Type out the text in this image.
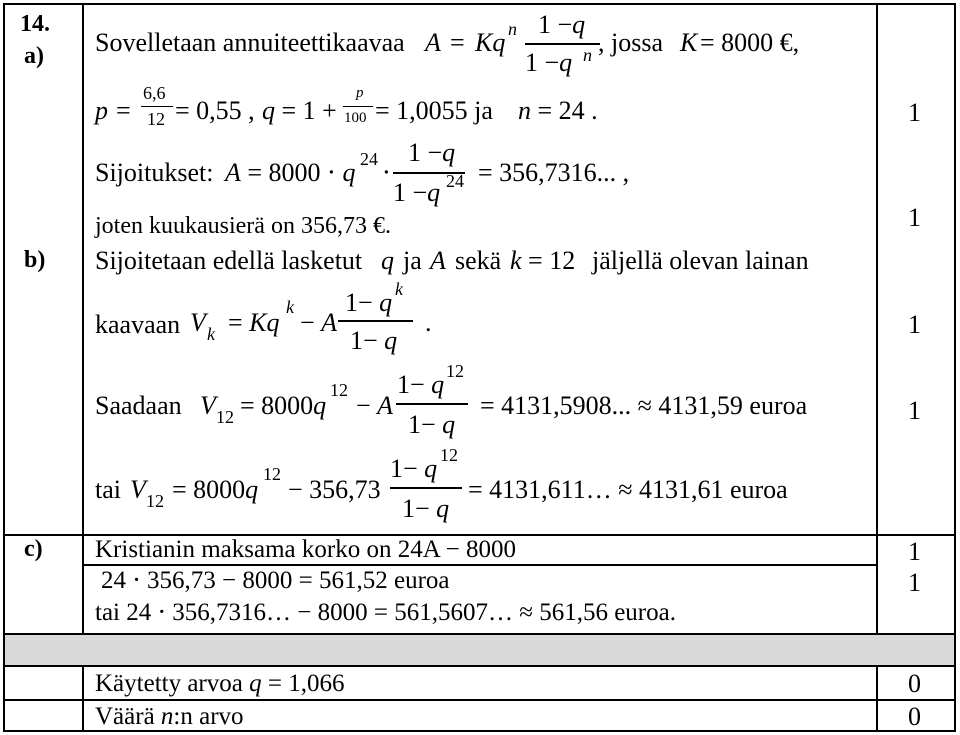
14.
a)
b)
c)
Sovelletaan annuiteettikaavaa A = Kq n 1 −q
1 −q n , jossa K = 8000 €,
p =
6,6
12 = 0,55 , q = 1 +
p
100 = 1,0055 ja n = 24 .
Sijoitukset: A = 8000 ⋅ q 24 ⋅
1 −q
1 −q 24 = 356,7316... ,
joten kuukausierä on 356,73 €.
1
1
Sijoitetaan edellä lasketut q ja A sekä k = 12 jäljellä olevan lainan
kaavaan V k = Kq
k
− A
1− q k
1− q
.
Saadaan V 12 = 8000q
12
− A
1− q 12
1− q
= 4131,5908... ≈ 4131,59 euroa
tai V 12 = 8000q
12
− 356,73
1− q 12
1− q
= 4131,611… ≈ 4131,61 euroa
1
1
Kristianin maksama korko on 24A − 8000
24 ⋅ 356,73 − 8000 = 561,52 euroa
tai 24 ⋅ 356,7316… − 8000 = 561,5607… ≈ 561,56 euroa.
1
1
Käytetty arvoa q = 1,066	0
Väärä n:n arvo	0
